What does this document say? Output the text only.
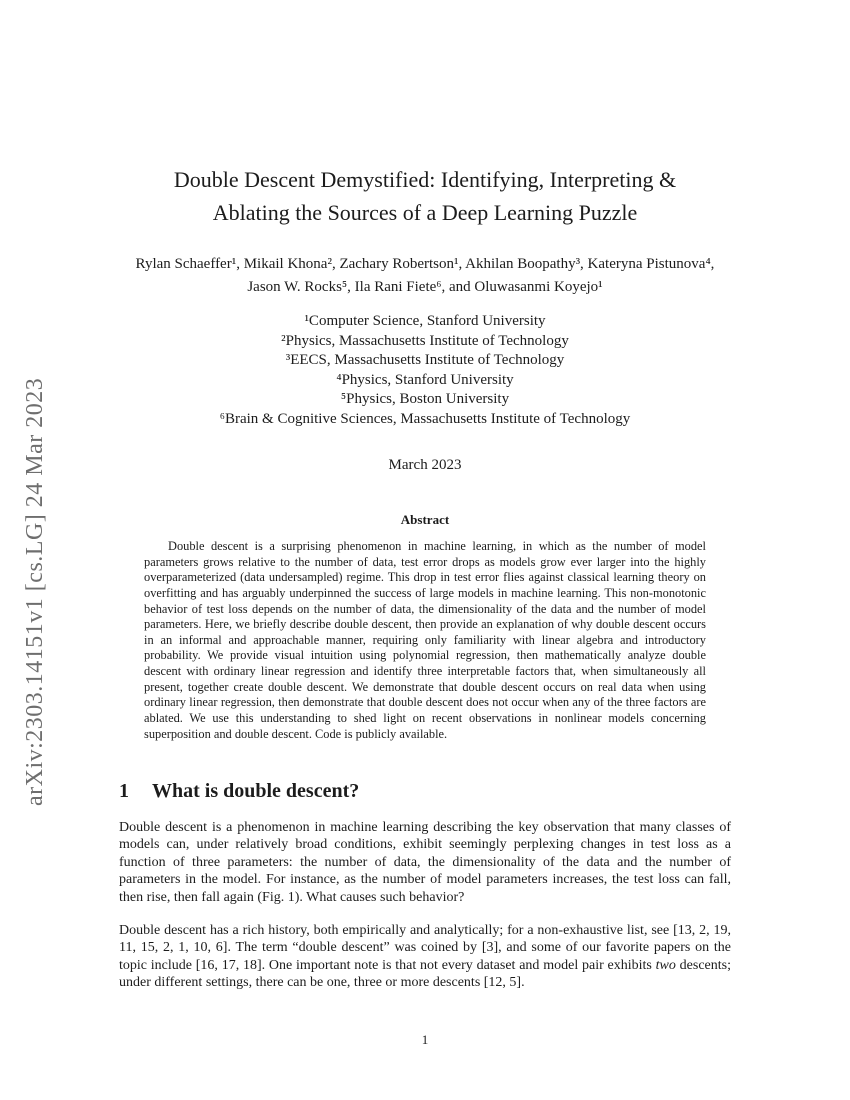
arXiv:2303.14151v1 [cs.LG] 24 Mar 2023
Double Descent Demystified: Identifying, Interpreting & Ablating the Sources of a Deep Learning Puzzle
Rylan Schaeffer¹, Mikail Khona², Zachary Robertson¹, Akhilan Boopathy³, Kateryna Pistunova⁴, Jason W. Rocks⁵, Ila Rani Fiete⁶, and Oluwasanmi Koyejo¹

¹Computer Science, Stanford University

²Physics, Massachusetts Institute of Technology

³EECS, Massachusetts Institute of Technology

⁴Physics, Stanford University

⁵Physics, Boston University

⁶Brain & Cognitive Sciences, Massachusetts Institute of Technology

March 2023
Abstract
Double descent is a surprising phenomenon in machine learning, in which as the number of model parameters grows relative to the number of data, test error drops as models grow ever larger into the highly overparameterized (data undersampled) regime. This drop in test error flies against classical learning theory on overfitting and has arguably underpinned the success of large models in machine learning. This non-monotonic behavior of test loss depends on the number of data, the dimensionality of the data and the number of model parameters. Here, we briefly describe double descent, then provide an explanation of why double descent occurs in an informal and approachable manner, requiring only familiarity with linear algebra and introductory probability. We provide visual intuition using polynomial regression, then mathematically analyze double descent with ordinary linear regression and identify three interpretable factors that, when simultaneously all present, together create double descent. We demonstrate that double descent occurs on real data when using ordinary linear regression, then demonstrate that double descent does not occur when any of the three factors are ablated. We use this understanding to shed light on recent observations in nonlinear models concerning superposition and double descent. Code is publicly available.
1 What is double descent?

Double descent is a phenomenon in machine learning describing the key observation that many classes of models can, under relatively broad conditions, exhibit seemingly perplexing changes in test loss as a function of three parameters: the number of data, the dimensionality of the data and the number of parameters in the model. For instance, as the number of model parameters increases, the test loss can fall, then rise, then fall again (Fig. 1). What causes such behavior?

Double descent has a rich history, both empirically and analytically; for a non-exhaustive list, see [13, 2, 19, 11, 15, 2, 1, 10, 6]. The term “double descent” was coined by [3], and some of our favorite papers on the topic include [16, 17, 18]. One important note is that not every dataset and model pair exhibits two descents; under different settings, there can be one, three or more descents [12, 5].

1
